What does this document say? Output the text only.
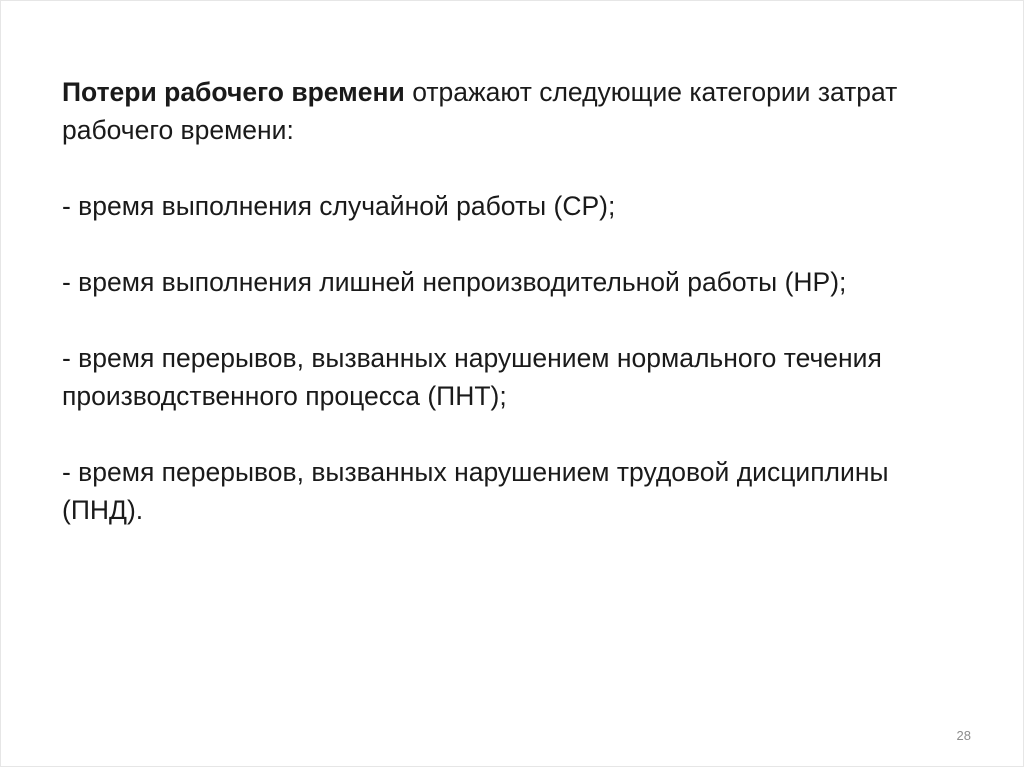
Потери рабочего времени отражают следующие категории затрат рабочего времени:

- время выполнения случайной работы (СР);

- время выполнения лишней непроизводительной работы (НР);

- время перерывов, вызванных нарушением нормального течения производственного процесса (ПНТ);

- время перерывов, вызванных нарушением трудовой дисциплины (ПНД).

28
